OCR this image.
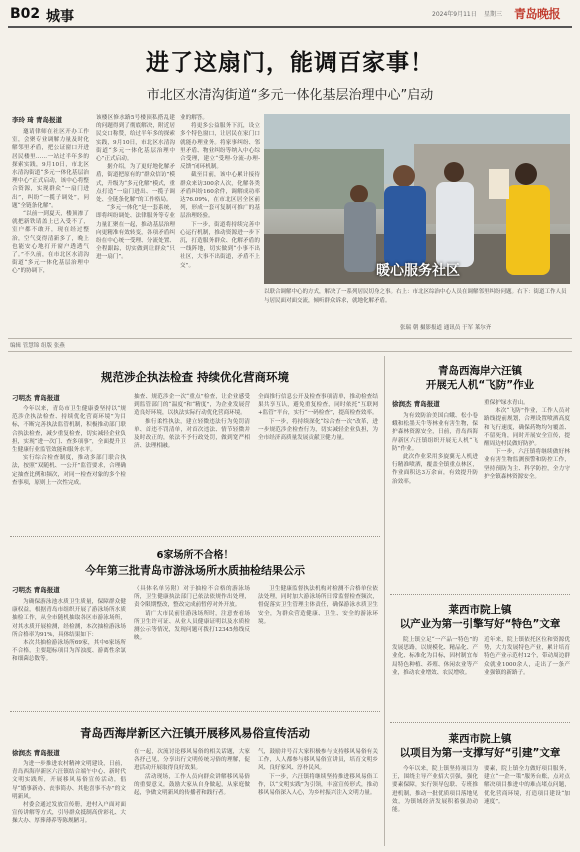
B02 城事	2024年9月11日 星期三 青岛晚报
进了这扇门，能调百家事！
市北区水清沟街道“多元一体化基层治理中心”启动
李玲 琦 青岛报道

邀请律师在社区开办工作室，会聚专业调解力量及时化解邻里矛盾，把公证窗口开进居民楼里……一站过半年多的探索实践，9月10日，市北区水清沟街道“多元一体化基层治理中心”正式启动，该中心将整合资源，实现群众“一扇门进出”，纠纷“一揽子调处”，问题“全链条化解”。

“以前一到夏天，楼顶渗了就把新铁请盖上已入受不了，室户都不敢开，现在经过整治，空气变得清新多了，晚上也能安心地打开窗户透透气了。”不久前，在市北区水清沟街道“多元一体化基层治理中心”的协调下，

该楼区修水路5号楼顶私搭乱建的问题得到了彻底解决，附近居民交口称赞，给过半年多的探索实践，9月10日，市北区水清沟街道“多元一体化基层治理中心”正式启动。

据介绍，为了更好地化解矛盾，街道把原有的“群众信访”模式，升级为“多元化解”模式，重点打造“一扇门进出、一揽子调处、全链条化解”的工作格局。

“多元一体化”是一套系统，即将纠纷调处、法律服务等专业力量汇聚在一起，推动基层治理向更精准有效转变，各项矛盾纠纷在中心统一受理、分流处置、全程跟踪，切实做到让群众“只进一扇门”。

业的解答。

将更多公益服务下沉，设立多个特色窗口，让居民在家门口就能办理业务。将家事纠纷、邻里矛盾、物业纠纷等纳入中心综合受理，建立“受理-分流-办理-反馈”闭环机制。

截至目前，该中心累计接待群众来访300余人次，化解各类矛盾纠纷160余件，调解成功率达76.09%，在市北区居全区前列，形成一套可复制可推广的基层治理经验。

下一步，街道将持续完善中心运行机制，推动资源进一步下沉，打造服务群众、化解矛盾的一线阵地，切实做到“小事不出社区，大事不出街道，矛盾不上交”。	暖心服务社区
以联合调解中心的方式，解决了一系列居民切身之事。右上：市北区综治中心人员在调解邻里纠纷问题。右下：街道工作人员与居民面对面交流，倾听群众诉求，就地化解矛盾。
张瑞 朝 摄影报道 通讯员 于军 莱尔齐
编辑 管慧锦 组版 张燕
规范涉企执法检查 持续优化营商环境
刁明杰 青岛报道

今年以来，青岛市卫生健康委坚持以“规范涉企执法检查、持续优化营商环境”为目标，不断完善执法监管机制，积极推动部门联合执法检查，减少重复检查，切实减轻企业负担，实现“进一次门、查多项事”，全面提升卫生健康行业监管效能和服务水平。

实行综合检查制度，推动多部门联合执法，按照“双随机、一公开”监管要求，合理确定抽查比例和频次，对同一检查对象的多个检查事项，原则上一次性完成。

抽查、规范涉企一次“重点”检查，让企业感受到监管部门的“温度”和“精度”，为企业发展营造良好环境，以执法实际行动优化营商环境。

推行柔性执法，建立轻微违法行为免罚清单、首违不罚清单，对首次违法、情节轻微并及时改正的，依法不予行政处罚，做到宽严相济、法理相融。

全面推行信息公开及检查事项清单，推动检查结果共享互认，避免重复检查，同时依托“互联网+监管”平台，实行“一码检查”，提高检查效率。

下一步，将持续深化“综合查一次”改革，进一步规范涉企检查行为，切实减轻企业负担，为全市经济高质量发展贡献卫健力量。

6家场所不合格！
今年第三批青岛市游泳场所水质抽检结果公示
刁明杰 青岛报道

为确保游泳池水质卫生质量，保障群众健康权益，根据青岛市组织开展了游泳场所水质抽检工作，从全市随机抽取各区市游泳场所，对其水质开展检测，经检测，本次抽检游泳场所合格率为91%，具体结果如下：

本次共抽检游泳场所69家，其中6家场所不合格，主要超标项目为浑浊度、游离性余氯和细菌总数等。

（具体名单另附）对于抽检不合格的游泳场所，卫生健康执法部门已依法依规作出处理，责令限期整改，整改完成前暂停对外开放。

请广大市民前往游泳场所时，注意查看场所卫生许可证、从业人员健康证明以及水质检测公示等情况，发现问题可拨打12345热线反映。

卫生健康监督执法机构对检测不合格单位依法处理，同时加大游泳场所日常监督检查频次，督促落实卫生管理主体责任，确保游泳水质卫生安全，为群众营造健康、卫生、安全的游泳环境。

青岛西海岸新区六汪镇开展移风易俗宣传活动
徐润杰 青岛报道

为进一步推进农村精神文明建设，日前，青岛西海岸新区六汪镇结合端午中心、新时代文明实践所，开展移风易俗宣传活动，倡导“婚事新办、丧事简办、其他喜事不办”的文明新风。

村委会通过发放宣传册，进村入户面对面宣传讲解等方式，引导群众抵制高价彩礼、大操大办、厚葬薄养等陈规陋习。

在一起，次流讨论移风易俗的相关话题，大家各抒己见，分享出行文明传统习俗的理解，促进活动开展取得良好效果。

活动现场，工作人员向群众讲解移风易俗的重要意义，鼓励大家从自身做起，从家庭做起，争做文明新风的传播者和践行者。

气，鼓励并号召大家积极参与支持移风易俗有关工作，人人都参与移风易俗宣讲员，培育文明乡风、良好家风、淳朴民风。

下一步，六汪镇将继续坚持推进移风易俗工作，以“文明实践”为引领，丰富宣传形式，推动移风易俗深入人心，为乡村振兴注入文明力量。

青岛西海岸六汪镇
开展无人机“飞防”作业
徐润杰 青岛报道

为有效防治美国白蛾、松小卷蛾和松墨天牛等林业有害生物，保护森林资源安全，日前，青岛西海岸新区六汪镇组织开展无人机“飞防”作业。

此次作业采用多旋翼无人机进行精准喷洒，覆盖全镇重点林区，作业面积达3万余亩，有效提升防治效率。

重保护绿水青山。

本次“飞防”作业，工作人员对路线提前规划，合理设置喷洒高度和飞行速度，确保药物均匀覆盖、不留死角，同时开展安全宣传，提醒周边村民做好防护。

下一步，六汪镇将继续做好林业有害生物监测预警和防控工作，坚持预防为主、科学防控，全力守护全镇森林资源安全。

莱西市院上镇
以产业为第一引擎写好“特色”文章

院上镇立足“一产品一特色”的发展思路，以规模化、精品化、产业化、标准化为目标，因村制宜布局特色种植、养殖、休闲农业等产业，推动农业增效、农民增收。

近年来，院上镇依托区位和资源优势，大力发展特色产业，累计培育特色产业示范村12个，带动周边群众就业1000余人，走出了一条产业强镇的新路子。

莱西市院上镇
以项目为第一支撑写好“引建”文章

今年以来，院上镇坚持项目为王，围绕主导产业招大引强，强化要素保障，实行领导包联、专班推进机制，推动一批优质项目落地见效，为镇域经济发展积蓄强劲动能。

要素，院上镇全力做好项目服务，建立“一企一策”服务台账，点对点解决项目推进中的难点堵点问题，优化营商环境，打造项目建设“加速度”。
